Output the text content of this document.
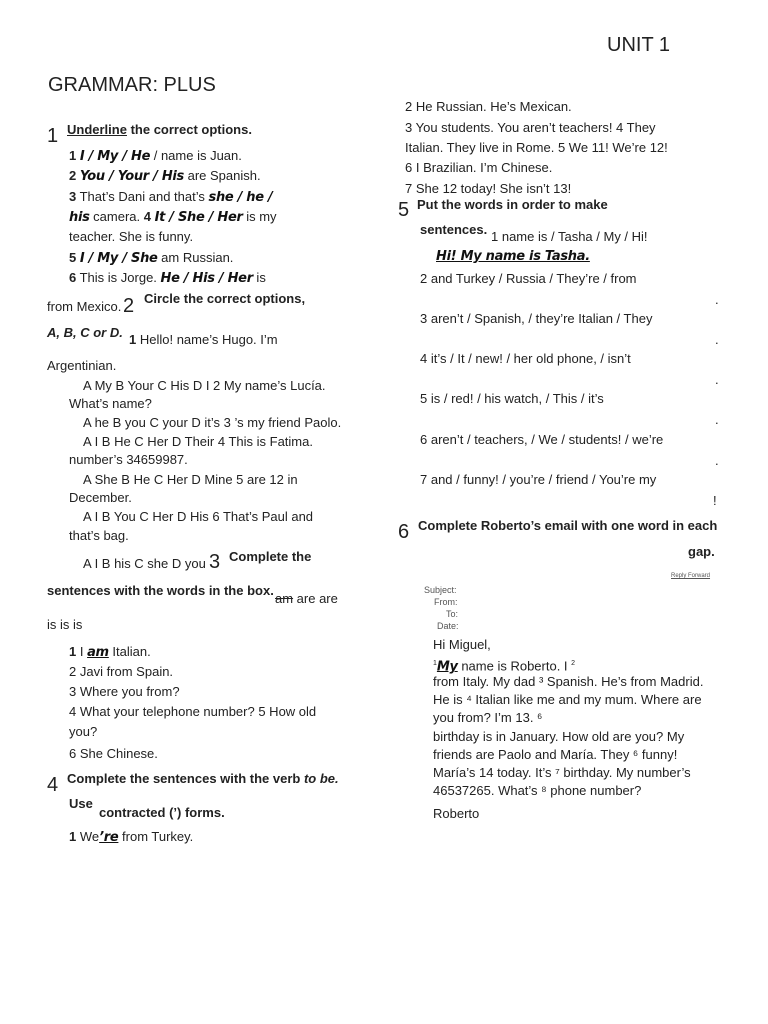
UNIT 1
GRAMMAR: PLUS
1 Underline the correct options.
1 I / My / He / name is Juan.
2 You / Your / His are Spanish.
3 That’s Dani and that’s she / he /
his camera. 4 It / She / Her is my
teacher. She is funny.
5 I / My / She am Russian.
6 This is Jorge. He / His / Her is
from Mexico. 2 Circle the correct options,
A, B, C or D. 1 Hello! name’s Hugo. I’m
Argentinian.
A My B Your C His D I 2 My name’s Lucía.
What’s name?
A he B you C your D it’s 3 ’s my friend Paolo.
A I B He C Her D Their 4 This is Fatima.
number’s 34659987.
A She B He C Her D Mine 5 are 12 in
December.
A I B You C Her D His 6 That’s Paul and
that’s bag.
A I B his C she D you 3 Complete the
sentences with the words in the box.
am are are
is is is
1 I am Italian.
2 Javi from Spain.
3 Where you from?
4 What your telephone number? 5 How old
you?
6 She Chinese.
4 Complete the sentences with the verb to be.
Use
contracted (’) forms.
1 We’re from Turkey.
2 He Russian. He’s Mexican.
3 You students. You aren’t teachers! 4 They
Italian. They live in Rome. 5 We 11! We’re 12!
6 I Brazilian. I’m Chinese.
7 She 12 today! She isn’t 13!
5 Put the words in order to make
sentences. 1 name is / Tasha / My / Hi!
Hi! My name is Tasha.
2 and Turkey / Russia / They’re / from
.
3 aren’t / Spanish, / they’re Italian / They
.
4 it’s / It / new! / her old phone, / isn’t
.
5 is / red! / his watch, / This / it’s
.
6 aren’t / teachers, / We / students! / we’re
.
7 and / funny! / you’re / friend / You’re my
!
6 Complete Roberto’s email with one word in each
gap.
Reply Forward
Subject:
From:
To:
Date:
Hi Miguel,
$^1$My name is Roberto. I $^2$
from Italy. My dad ³ Spanish. He’s from Madrid.
He is ⁴ Italian like me and my mum. Where are
you from? I’m 13. ⁶
birthday is in January. How old are you? My
friends are Paolo and María. They ⁶ funny!
María’s 14 today. It’s ⁷ birthday. My number’s
46537265. What’s ⁸ phone number?
Roberto
